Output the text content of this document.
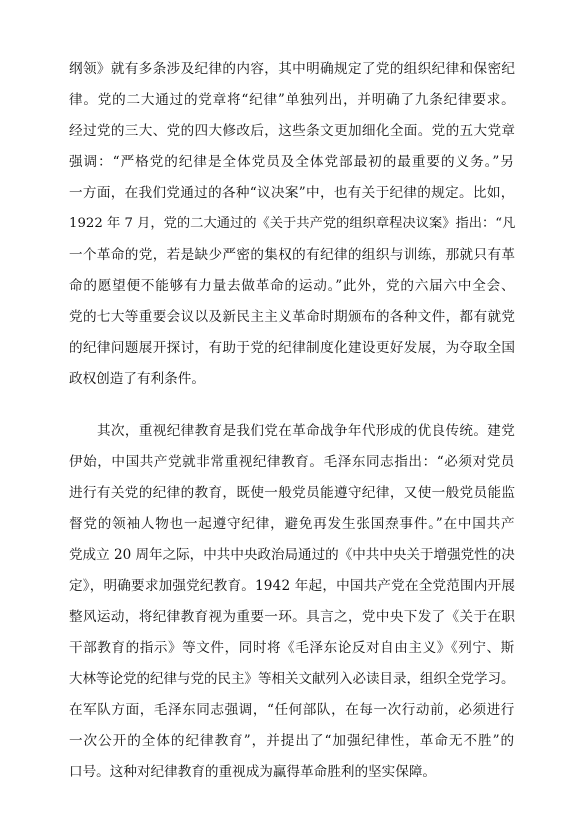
纲领》就有多条涉及纪律的内容，其中明确规定了党的组织纪律和保密纪
律。党的二大通过的党章将“纪律”单独列出，并明确了九条纪律要求。
经过党的三大、党的四大修改后，这些条文更加细化全面。党的五大党章
强调：“严格党的纪律是全体党员及全体党部最初的最重要的义务。”另
一方面，在我们党通过的各种“议决案”中，也有关于纪律的规定。比如，
1922 年 7 月，党的二大通过的《关于共产党的组织章程决议案》指出：“凡
一个革命的党，若是缺少严密的集权的有纪律的组织与训练，那就只有革
命的愿望便不能够有力量去做革命的运动。”此外，党的六届六中全会、
党的七大等重要会议以及新民主主义革命时期颁布的各种文件，都有就党
的纪律问题展开探讨，有助于党的纪律制度化建设更好发展，为夺取全国
政权创造了有利条件。
其次，重视纪律教育是我们党在革命战争年代形成的优良传统。建党
伊始，中国共产党就非常重视纪律教育。毛泽东同志指出：“必须对党员
进行有关党的纪律的教育，既使一般党员能遵守纪律，又使一般党员能监
督党的领袖人物也一起遵守纪律，避免再发生张国焘事件。”在中国共产
党成立 20 周年之际，中共中央政治局通过的《中共中央关于增强党性的决
定》，明确要求加强党纪教育。1942 年起，中国共产党在全党范围内开展
整风运动，将纪律教育视为重要一环。具言之，党中央下发了《关于在职
干部教育的指示》等文件，同时将《毛泽东论反对自由主义》《列宁、斯
大林等论党的纪律与党的民主》等相关文献列入必读目录，组织全党学习。
在军队方面，毛泽东同志强调，“任何部队，在每一次行动前，必须进行
一次公开的全体的纪律教育”，并提出了“加强纪律性，革命无不胜”的
口号。这种对纪律教育的重视成为赢得革命胜利的坚实保障。
